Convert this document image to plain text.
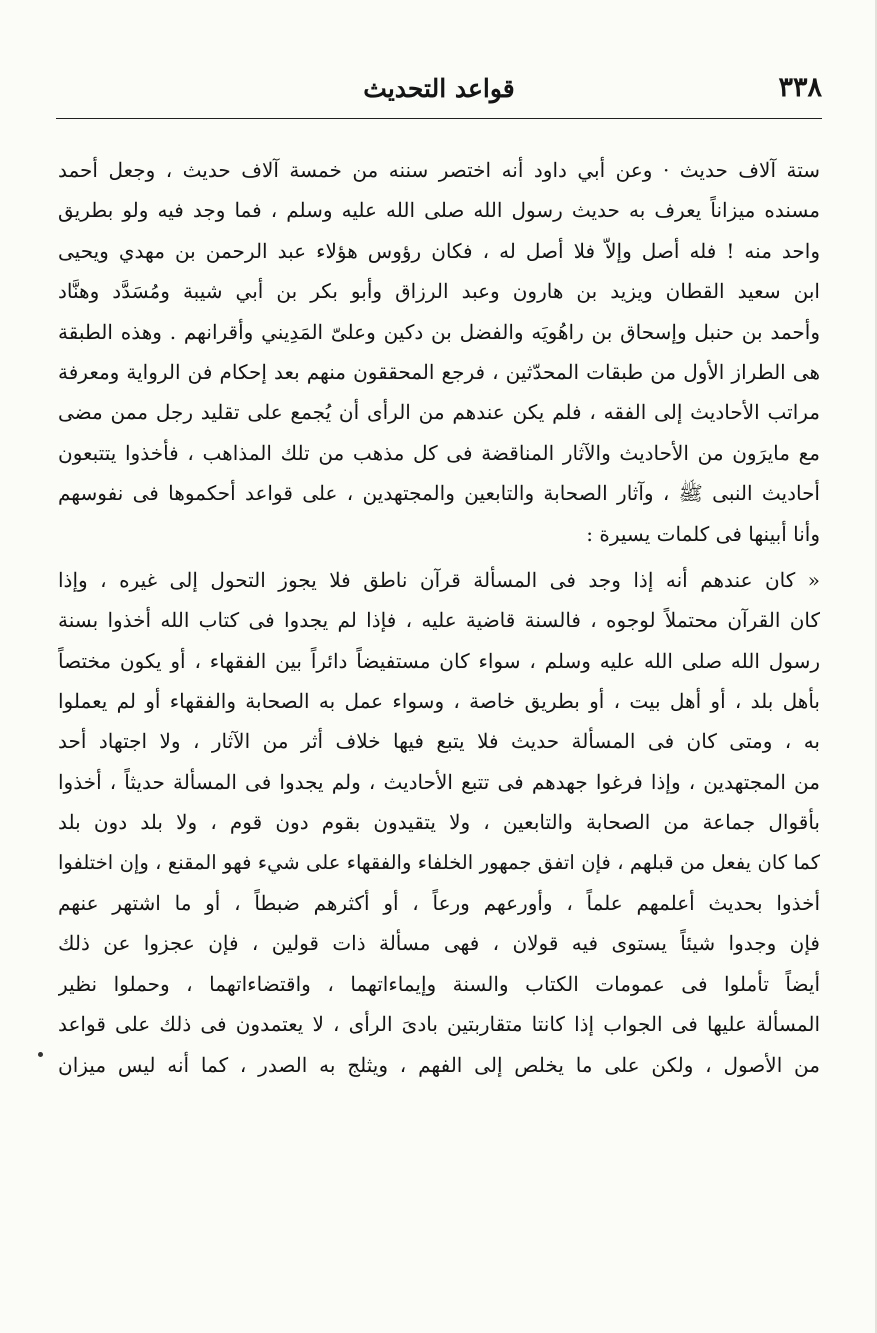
٣٣٨
قواعد التحديث

ستة آلاف حديث · وعن أبي داود أنه اختصر سننه من خمسة آلاف حديث ، وجعل أحمد
مسنده ميزاناً يعرف به حديث رسول الله صلى الله عليه وسلم ، فما وجد فيه ولو بطريق
واحد منه ! فله أصل وإلاّ فلا أصل له ، فكان رؤوس هؤلاء عبد الرحمن بن مهدي ويحيى
ابن سعيد القطان ويزيد بن هارون وعبد الرزاق وأبو بكر بن أبي شيبة ومُسَدَّد وهنَّاد
وأحمد بن حنبل وإسحاق بن راهُويَه والفضل بن دكين وعلىّ المَدِيني وأقرانهم . وهذه الطبقة
هى الطراز الأول من طبقات المحدّثين ، فرجع المحققون منهم بعد إحكام فن الرواية ومعرفة
مراتب الأحاديث إلى الفقه ، فلم يكن عندهم من الرأى أن يُجمع على تقليد رجل ممن مضى
مع مايرَون من الأحاديث والآثار المناقضة فى كل مذهب من تلك المذاهب ، فأخذوا يتتبعون
أحاديث النبى ﷺ ، وآثار الصحابة والتابعين والمجتهدين ، على قواعد أحكموها فى نفوسهم
وأنا أبينها فى كلمات يسيرة :

« كان عندهم أنه إذا وجد فى المسألة قرآن ناطق فلا يجوز التحول إلى غيره ، وإذا
كان القرآن محتملاً لوجوه ، فالسنة قاضية عليه ، فإذا لم يجدوا فى كتاب الله أخذوا بسنة
رسول الله صلى الله عليه وسلم ، سواء كان مستفيضاً دائراً بين الفقهاء ، أو يكون مختصاً
بأهل بلد ، أو أهل بيت ، أو بطريق خاصة ، وسواء عمل به الصحابة والفقهاء أو لم يعملوا
به ، ومتى كان فى المسألة حديث فلا يتبع فيها خلاف أثر من الآثار ، ولا اجتهاد أحد
من المجتهدين ، وإذا فرغوا جهدهم فى تتبع الأحاديث ، ولم يجدوا فى المسألة حديثاً ، أخذوا
بأقوال جماعة من الصحابة والتابعين ، ولا يتقيدون بقوم دون قوم ، ولا بلد دون بلد
كما كان يفعل من قبلهم ، فإن اتفق جمهور الخلفاء والفقهاء على شيء فهو المقنع ، وإن اختلفوا
أخذوا بحديث أعلمهم علماً ، وأورعهم ورعاً ، أو أكثرهم ضبطاً ، أو ما اشتهر عنهم
فإن وجدوا شيئاً يستوى فيه قولان ، فهى مسألة ذات قولين ، فإن عجزوا عن ذلك
أيضاً تأملوا فى عمومات الكتاب والسنة وإيماءاتهما ، واقتضاءاتهما ، وحملوا نظير
المسألة عليها فى الجواب إذا كانتا متقاربتين بادىَ الرأى ، لا يعتمدون فى ذلك على قواعد
من الأصول ، ولكن على ما يخلص إلى الفهم ، ويثلج به الصدر ، كما أنه ليس ميزان
